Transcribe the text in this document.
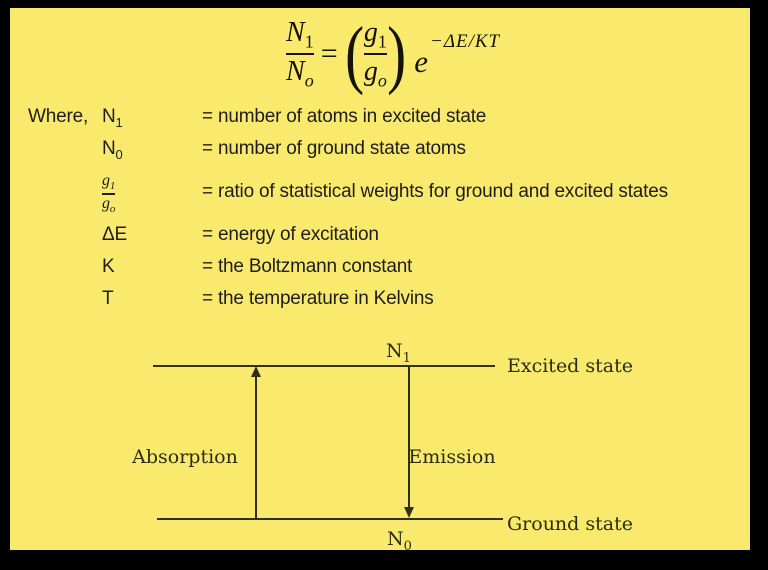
$N_1$
$N_o$
= ( $g_1$
$g_o$ ) e
−ΔE/KT
Where, $N_1$	= number of atoms in excited state
$N_0$	= number of ground state atoms
$\frac{g_1}{g_o}$	= ratio of statistical weights for ground and excited states
ΔE	= energy of excitation
K	= the Boltzmann constant
T	= the temperature in Kelvins
$N_1$	Excited state
Absorption	Emission
Ground state
$N_0$
